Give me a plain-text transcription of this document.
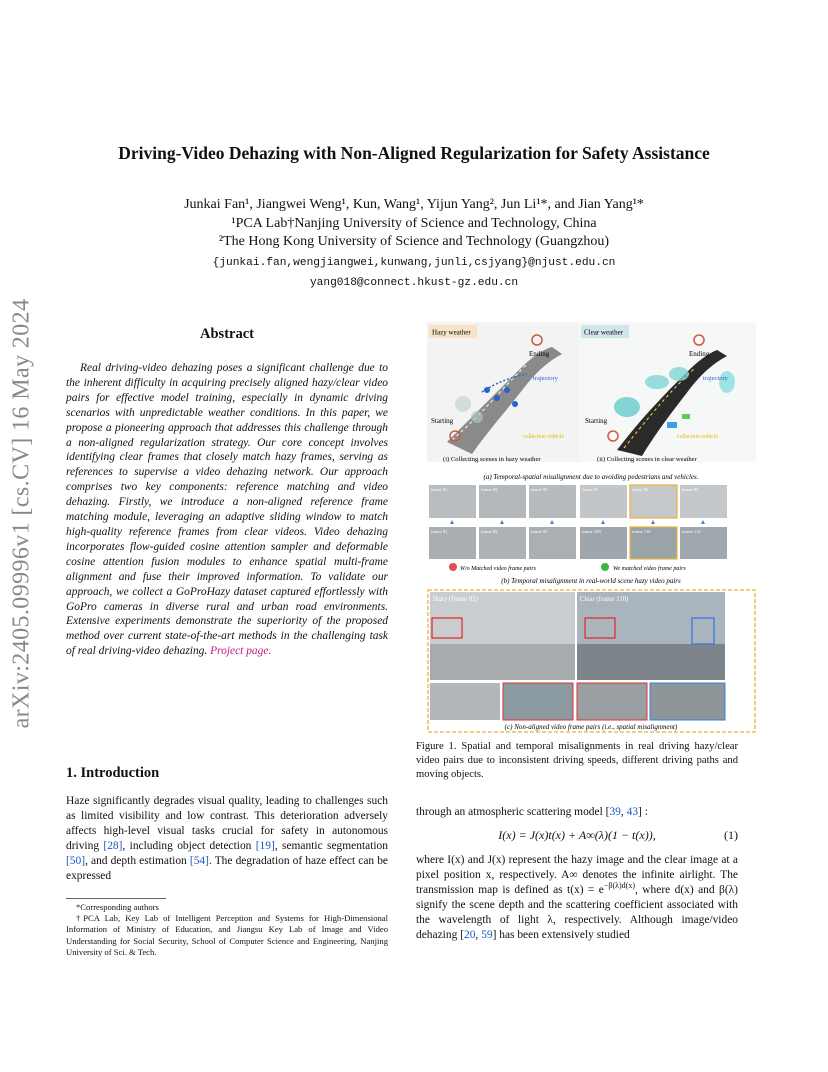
arXiv:2405.09996v1 [cs.CV] 16 May 2024
Driving-Video Dehazing with Non-Aligned Regularization for Safety Assistance
Junkai Fan¹, Jiangwei Weng¹, Kun, Wang¹, Yijun Yang², Jun Li¹*, and Jian Yang¹*
¹PCA Lab†Nanjing University of Science and Technology, China
²The Hong Kong University of Science and Technology (Guangzhou)
{junkai.fan,wengjiangwei,kunwang,junli,csjyang}@njust.edu.cn
yang018@connect.hkust-gz.edu.cn
Abstract
Real driving-video dehazing poses a significant challenge due to the inherent difficulty in acquiring precisely aligned hazy/clear video pairs for effective model training, especially in dynamic driving scenarios with unpredictable weather conditions. In this paper, we propose a pioneering approach that addresses this challenge through a non-aligned regularization strategy. Our core concept involves identifying clear frames that closely match hazy frames, serving as references to supervise a video dehazing network. Our approach comprises two key components: reference matching and video dehazing. Firstly, we introduce a non-aligned reference frame matching module, leveraging an adaptive sliding window to match high-quality reference frames from clear videos. Video dehazing incorporates flow-guided cosine attention sampler and deformable cosine attention fusion modules to enhance spatial multi-frame alignment and fuse their improved information. To validate our approach, we collect a GoProHazy dataset captured effortlessly with GoPro cameras in diverse rural and urban road environments. Extensive experiments demonstrate the superiority of the proposed method over current state-of-the-art methods in the challenging task of real driving-video dehazing. Project page.
1. Introduction
Haze significantly degrades visual quality, leading to challenges such as limited visibility and low contrast. This deterioration adversely affects high-level visual tasks crucial for safety in autonomous driving [28], including object detection [19], semantic segmentation [50], and depth estimation [54]. The degradation of haze effect can be expressed

*Corresponding authors

†PCA Lab, Key Lab of Intelligent Perception and Systems for High-Dimensional Information of Ministry of Education, and Jiangsu Key Lab of Image and Video Understanding for Social Security, School of Computer Science and Engineering, Nanjing University of Sci. & Tech.

Hazy weather
Ending
trajectory
Starting
collection vehicle
(i) Collecting scenes in hazy weather
Clear weather
Ending
trajectory
Starting
collection vehicle
(ii) Collecting scenes in clear weather
(a) Temporal-spatial misalignment due to avoiding pedestrians and vehicles.
frame 81	frame 82	frame 83	frame 81	frame 82	frame 83
frame 81	frame 82	frame 83	frame 109	frame 110	frame 112
W/o Matched video frame pairs	We matched video frame pairs
(b) Temporal misalignment in real-world scene hazy video pairs
Hazy (frame 82)	Clear (frame 110)
(c) Non-aligned video frame pairs (i.e., spatial misalignment)
Figure 1. Spatial and temporal misalignments in real driving hazy/clear video pairs due to inconsistent driving speeds, different driving paths and moving objects.
through an atmospheric scattering model [39, 43] :
I(x) = J(x)t(x) + A∞(λ)(1 − t(x)),	(1)
where I(x) and J(x) represent the hazy image and the clear image at a pixel position x, respectively. A∞ denotes the infinite airlight. The transmission map is defined as $t(x) = e^{-\beta(\lambda)d(x)}$, where d(x) and β(λ) signify the scene depth and the scattering coefficient associated with the wavelength of light λ, respectively. Although image/video dehazing [20, 59] has been extensively studied
